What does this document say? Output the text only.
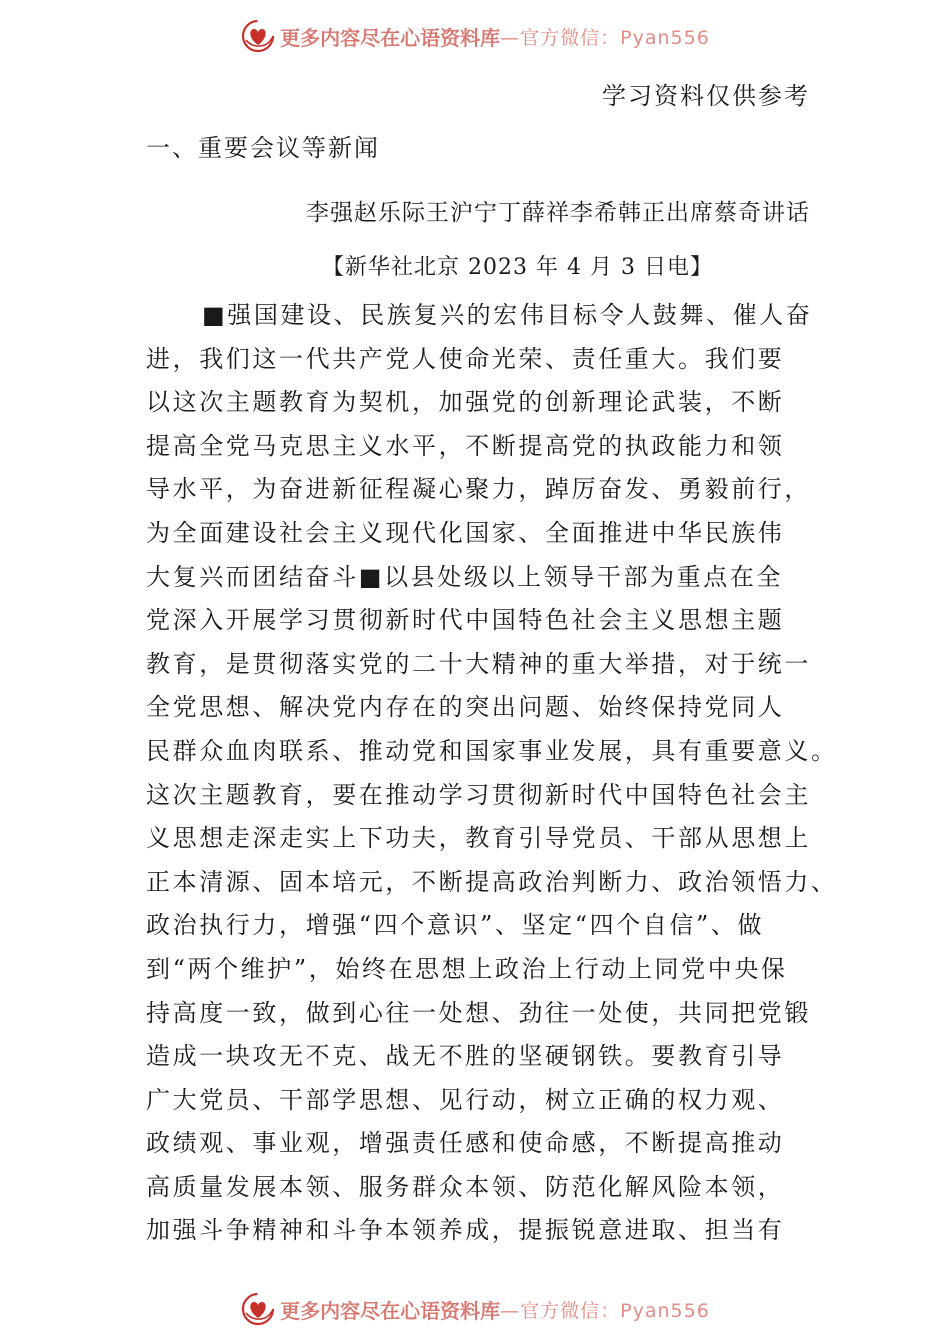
更多内容尽在心语资料库 —官方微信：Pyan556
学习资料仅供参考
一、重要会议等新闻
李强赵乐际王沪宁丁薛祥李希韩正出席蔡奇讲话
【新华社北京 2023 年 4 月 3 日电】
■强国建设、民族复兴的宏伟目标令人鼓舞、催人奋
进，我们这一代共产党人使命光荣、责任重大。我们要
以这次主题教育为契机，加强党的创新理论武装，不断
提高全党马克思主义水平，不断提高党的执政能力和领
导水平，为奋进新征程凝心聚力，踔厉奋发、勇毅前行，
为全面建设社会主义现代化国家、全面推进中华民族伟
大复兴而团结奋斗■以县处级以上领导干部为重点在全
党深入开展学习贯彻新时代中国特色社会主义思想主题
教育，是贯彻落实党的二十大精神的重大举措，对于统一
全党思想、解决党内存在的突出问题、始终保持党同人
民群众血肉联系、推动党和国家事业发展，具有重要意义。
这次主题教育，要在推动学习贯彻新时代中国特色社会主
义思想走深走实上下功夫，教育引导党员、干部从思想上
正本清源、固本培元，不断提高政治判断力、政治领悟力、
政治执行力，增强“四个意识”、坚定“四个自信”、做
到“两个维护”，始终在思想上政治上行动上同党中央保
持高度一致，做到心往一处想、劲往一处使，共同把党锻
造成一块攻无不克、战无不胜的坚硬钢铁。要教育引导
广大党员、干部学思想、见行动，树立正确的权力观、
政绩观、事业观，增强责任感和使命感，不断提高推动
高质量发展本领、服务群众本领、防范化解风险本领，
加强斗争精神和斗争本领养成，提振锐意进取、担当有
更多内容尽在心语资料库 —官方微信：Pyan556
